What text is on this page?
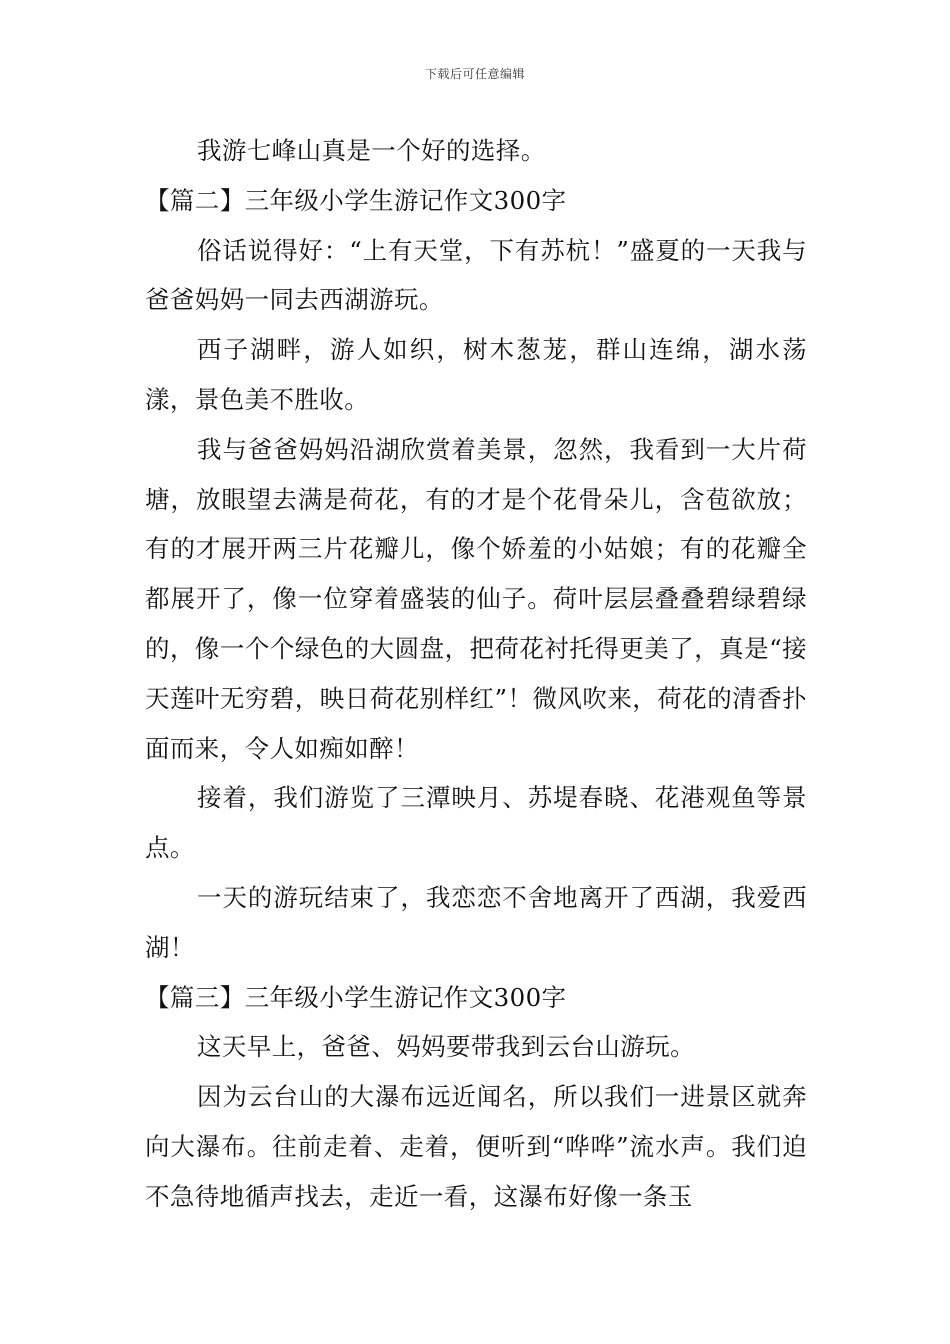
下载后可任意编辑

我游七峰山真是一个好的选择。

【篇二】三年级小学生游记作文300字

俗话说得好：“上有天堂，下有苏杭！”盛夏的一天我与爸爸妈妈一同去西湖游玩。

西子湖畔，游人如织，树木葱茏，群山连绵，湖水荡漾，景色美不胜收。

我与爸爸妈妈沿湖欣赏着美景，忽然，我看到一大片荷塘，放眼望去满是荷花，有的才是个花骨朵儿，含苞欲放；有的才展开两三片花瓣儿，像个娇羞的小姑娘；有的花瓣全都展开了，像一位穿着盛装的仙子。荷叶层层叠叠碧绿碧绿的，像一个个绿色的大圆盘，把荷花衬托得更美了，真是“接天莲叶无穷碧，映日荷花别样红”！微风吹来，荷花的清香扑面而来，令人如痴如醉！

接着，我们游览了三潭映月、苏堤春晓、花港观鱼等景点。

一天的游玩结束了，我恋恋不舍地离开了西湖，我爱西湖！

【篇三】三年级小学生游记作文300字

这天早上，爸爸、妈妈要带我到云台山游玩。

因为云台山的大瀑布远近闻名，所以我们一进景区就奔向大瀑布。往前走着、走着，便听到“哗哗”流水声。我们迫不急待地循声找去，走近一看，这瀑布好像一条玉
